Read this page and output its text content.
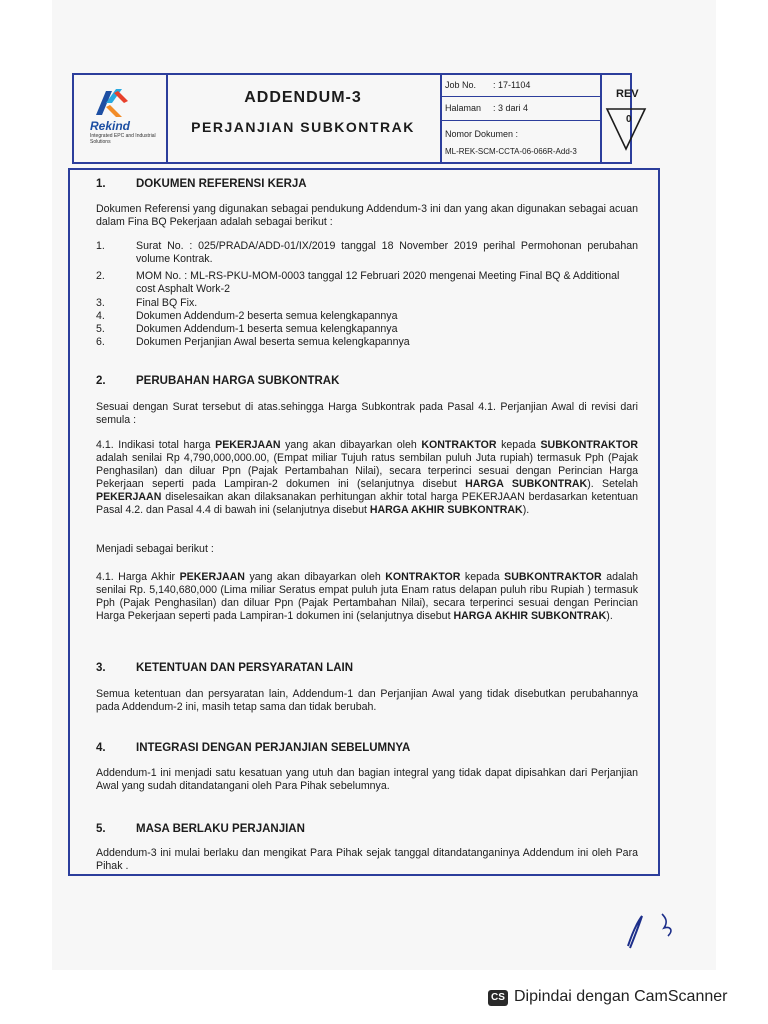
Rekind
Integrated EPC and Industrial Solutions
ADDENDUM-3
PERJANJIAN SUBKONTRAK
Job No. : 17-1104
Halaman : 3 dari 4
Nomor Dokumen :
ML-REK-SCM-CCTA-06-066R-Add-3
REV
0
1.	DOKUMEN REFERENSI KERJA

Dokumen Referensi yang digunakan sebagai pendukung Addendum-3 ini dan yang akan digunakan sebagai acuan dalam Fina BQ Pekerjaan adalah sebagai berikut :

1.	Surat No. : 025/PRADA/ADD-01/IX/2019 tanggal 18 November 2019 perihal Permohonan perubahan volume Kontrak.
2.	MOM No. : ML-RS-PKU-MOM-0003 tanggal 12 Februari 2020 mengenai Meeting Final BQ & Additional cost Asphalt Work-2
3.	Final BQ Fix.
4.	Dokumen Addendum-2 beserta semua kelengkapannya
5.	Dokumen Addendum-1 beserta semua kelengkapannya
6.	Dokumen Perjanjian Awal beserta semua kelengkapannya
2.	PERUBAHAN HARGA SUBKONTRAK

Sesuai dengan Surat tersebut di atas.sehingga Harga Subkontrak pada Pasal 4.1. Perjanjian Awal di revisi dari semula :

4.1. Indikasi total harga PEKERJAAN yang akan dibayarkan oleh KONTRAKTOR kepada SUBKONTRAKTOR adalah senilai Rp 4,790,000,000.00, (Empat miliar Tujuh ratus sembilan puluh Juta rupiah) termasuk Pph (Pajak Penghasilan) dan diluar Ppn (Pajak Pertambahan Nilai), secara terperinci sesuai dengan Perincian Harga Pekerjaan seperti pada Lampiran-2 dokumen ini (selanjutnya disebut HARGA SUBKONTRAK). Setelah PEKERJAAN diselesaikan akan dilaksanakan perhitungan akhir total harga PEKERJAAN berdasarkan ketentuan Pasal 4.2. dan Pasal 4.4 di bawah ini (selanjutnya disebut HARGA AKHIR SUBKONTRAK).

Menjadi sebagai berikut :

4.1. Harga Akhir PEKERJAAN yang akan dibayarkan oleh KONTRAKTOR kepada SUBKONTRAKTOR adalah senilai Rp. 5,140,680,000 (Lima miliar Seratus empat puluh juta Enam ratus delapan puluh ribu Rupiah ) termasuk Pph (Pajak Penghasilan) dan diluar Ppn (Pajak Pertambahan Nilai), secara terperinci sesuai dengan Perincian Harga Pekerjaan seperti pada Lampiran-1 dokumen ini (selanjutnya disebut HARGA AKHIR SUBKONTRAK).

3.	KETENTUAN DAN PERSYARATAN LAIN

Semua ketentuan dan persyaratan lain, Addendum-1 dan Perjanjian Awal yang tidak disebutkan perubahannya pada Addendum-2 ini, masih tetap sama dan tidak berubah.

4.	INTEGRASI DENGAN PERJANJIAN SEBELUMNYA

Addendum-1 ini menjadi satu kesatuan yang utuh dan bagian integral yang tidak dapat dipisahkan dari Perjanjian Awal yang sudah ditandatangani oleh Para Pihak sebelumnya.

5.	MASA BERLAKU PERJANJIAN

Addendum-3 ini mulai berlaku dan mengikat Para Pihak sejak tanggal ditandatanganinya Addendum ini oleh Para Pihak .

CS Dipindai dengan CamScanner
